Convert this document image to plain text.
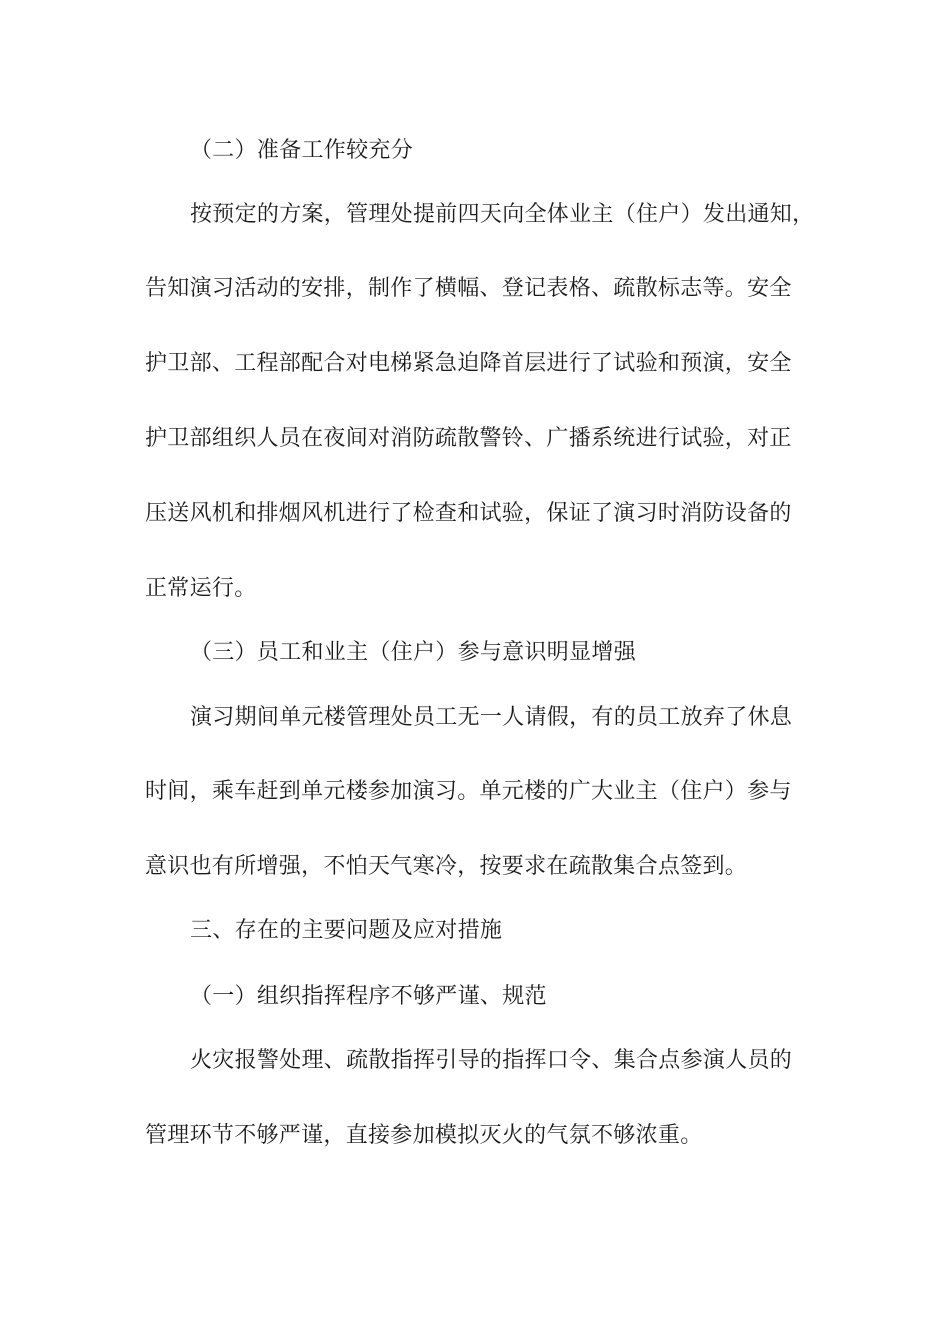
（二）准备工作较充分
按预定的方案，管理处提前四天向全体业主（住户）发出通知，
告知演习活动的安排，制作了横幅、登记表格、疏散标志等。安全
护卫部、工程部配合对电梯紧急迫降首层进行了试验和预演，安全
护卫部组织人员在夜间对消防疏散警铃、广播系统进行试验，对正
压送风机和排烟风机进行了检查和试验，保证了演习时消防设备的
正常运行。
（三）员工和业主（住户）参与意识明显增强
演习期间单元楼管理处员工无一人请假，有的员工放弃了休息
时间，乘车赶到单元楼参加演习。单元楼的广大业主（住户）参与
意识也有所增强，不怕天气寒冷，按要求在疏散集合点签到。
三、存在的主要问题及应对措施
（一）组织指挥程序不够严谨、规范
火灾报警处理、疏散指挥引导的指挥口令、集合点参演人员的
管理环节不够严谨，直接参加模拟灭火的气氛不够浓重。
